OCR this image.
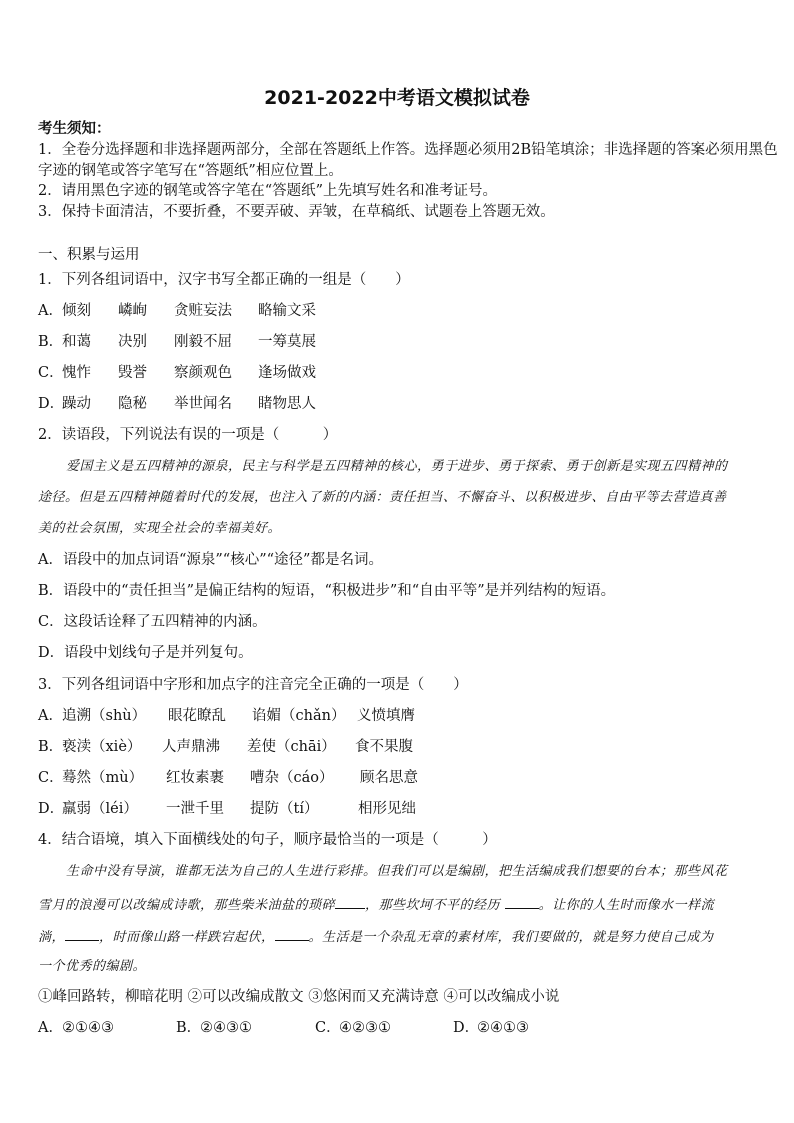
2021-2022中考语文模拟试卷
考生须知：
1．全卷分选择题和非选择题两部分，全部在答题纸上作答。选择题必须用2B铅笔填涂；非选择题的答案必须用黑色
字迹的钢笔或答字笔写在“答题纸”相应位置上。
2．请用黑色字迹的钢笔或答字笔在“答题纸”上先填写姓名和准考证号。
3．保持卡面清洁，不要折叠，不要弄破、弄皱，在草稿纸、试题卷上答题无效。
一、积累与运用
1．下列各组词语中，汉字书写全都正确的一组是（　　）
A． 倾刻 嶙峋 贪赃妄法 略输文采
B．
和蔼 决别 刚毅不屈 一筹莫展
C．
愧怍 毁誉 察颜观色 逢场做戏
D．
躁动 隐秘 举世闻名 睹物思人
2．读语段，下列说法有误的一项是（　　　）
爱国主义是五四精神的源泉，民主与科学是五四精神的核心，勇于进步、勇于探索、勇于创新是实现五四精神的
途径。但是五四精神随着时代的发展，也注入了新的内涵：责任担当、不懈奋斗、以积极进步、自由平等去营造真善
美的社会氛围，实现全社会的幸福美好。
A．语段中的加点词语“源泉”“核心”“途径”都是名词。
B．语段中的“责任担当”是偏正结构的短语，“积极进步”和“自由平等”是并列结构的短语。
C．这段话诠释了五四精神的内涵。
D．语段中划线句子是并列复句。
3．下列各组词语中字形和加点字的注音完全正确的一项是（　　）
A． 追溯（shù） 眼花瞭乱 谄媚（chǎn） 义愤填膺
B．
亵渎（xiè） 人声鼎沸 差使（chāi） 食不果腹
C．
蓦然（mù） 红妆素裹 嘈杂（cáo） 顾名思意
D．
羸弱（léi） 一泄千里 提防（tí）	相形见绌
4．结合语境，填入下面横线处的句子，顺序最恰当的一项是（　　　）
生命中没有导演，谁都无法为自己的人生进行彩排。但我们可以是编剧，把生活编成我们想要的台本；那些风花
雪月的浪漫可以改编成诗歌，那些柴米油盐的琐碎 ，那些坎坷不平的经历	。让你的人生时而像水一样流
淌，	，时而像山路一样跌宕起伏，	。生活是一个杂乱无章的素材库，我们要做的，就是努力使自己成为
一个优秀的编剧。
①峰回路转，柳暗花明 ②可以改编成散文 ③悠闲而又充满诗意 ④可以改编成小说
A． ②①④③	B．
②④③①	C．
④②③①	D．
②④①③
